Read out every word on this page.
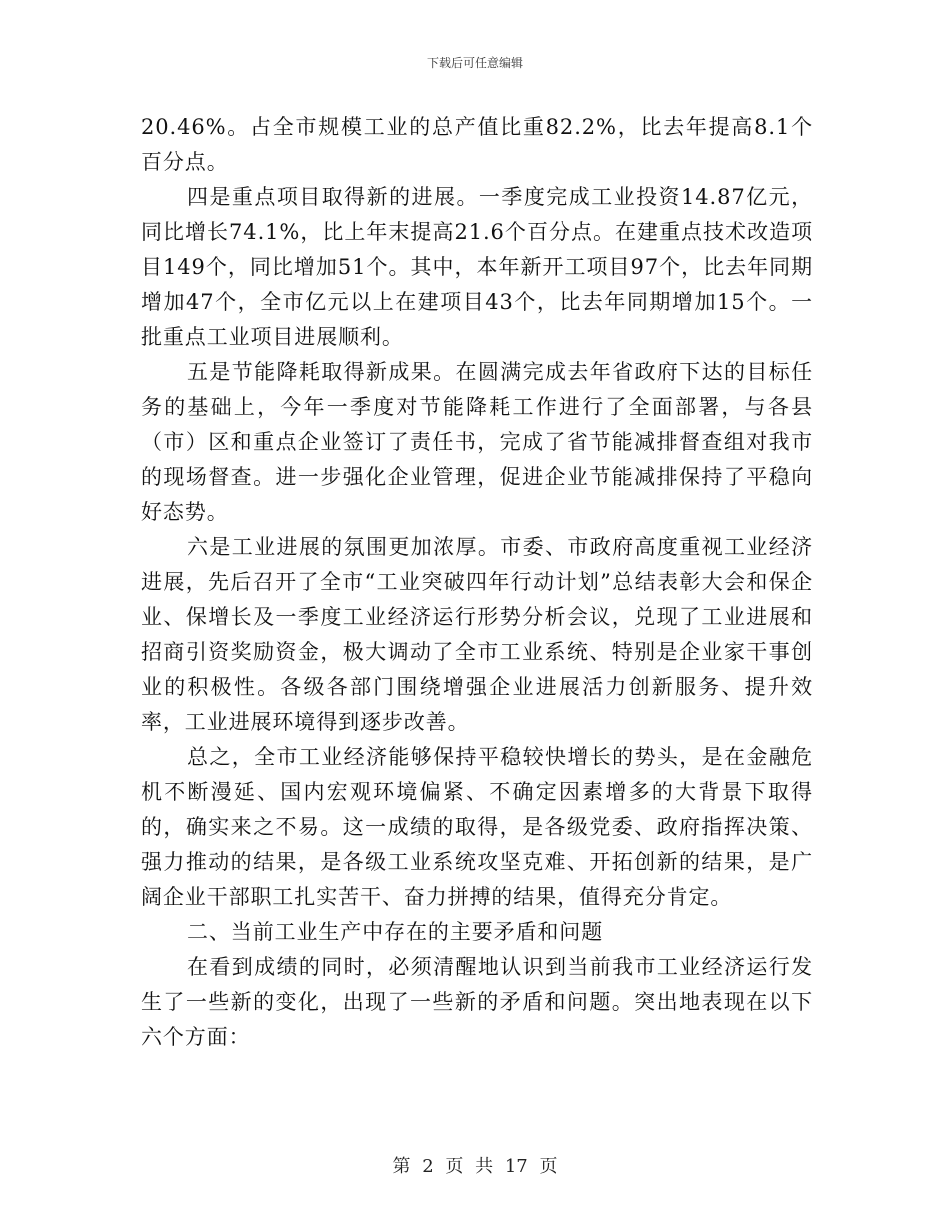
下载后可任意编辑

20.46%。占全市规模工业的总产值比重82.2%，比去年提高8.1个百分点。

四是重点项目取得新的进展。一季度完成工业投资14.87亿元，同比增长74.1%，比上年末提高21.6个百分点。在建重点技术改造项目149个，同比增加51个。其中，本年新开工项目97个，比去年同期增加47个，全市亿元以上在建项目43个，比去年同期增加15个。一批重点工业项目进展顺利。

五是节能降耗取得新成果。在圆满完成去年省政府下达的目标任务的基础上，今年一季度对节能降耗工作进行了全面部署，与各县（市）区和重点企业签订了责任书，完成了省节能减排督查组对我市的现场督查。进一步强化企业管理，促进企业节能减排保持了平稳向好态势。

六是工业进展的氛围更加浓厚。市委、市政府高度重视工业经济进展，先后召开了全市“工业突破四年行动计划”总结表彰大会和保企业、保增长及一季度工业经济运行形势分析会议，兑现了工业进展和招商引资奖励资金，极大调动了全市工业系统、特别是企业家干事创业的积极性。各级各部门围绕增强企业进展活力创新服务、提升效率，工业进展环境得到逐步改善。

总之，全市工业经济能够保持平稳较快增长的势头，是在金融危机不断漫延、国内宏观环境偏紧、不确定因素增多的大背景下取得的，确实来之不易。这一成绩的取得，是各级党委、政府指挥决策、强力推动的结果，是各级工业系统攻坚克难、开拓创新的结果，是广阔企业干部职工扎实苦干、奋力拼搏的结果，值得充分肯定。

二、当前工业生产中存在的主要矛盾和问题

在看到成绩的同时，必须清醒地认识到当前我市工业经济运行发生了一些新的变化，出现了一些新的矛盾和问题。突出地表现在以下六个方面：

第 2 页 共 17 页
